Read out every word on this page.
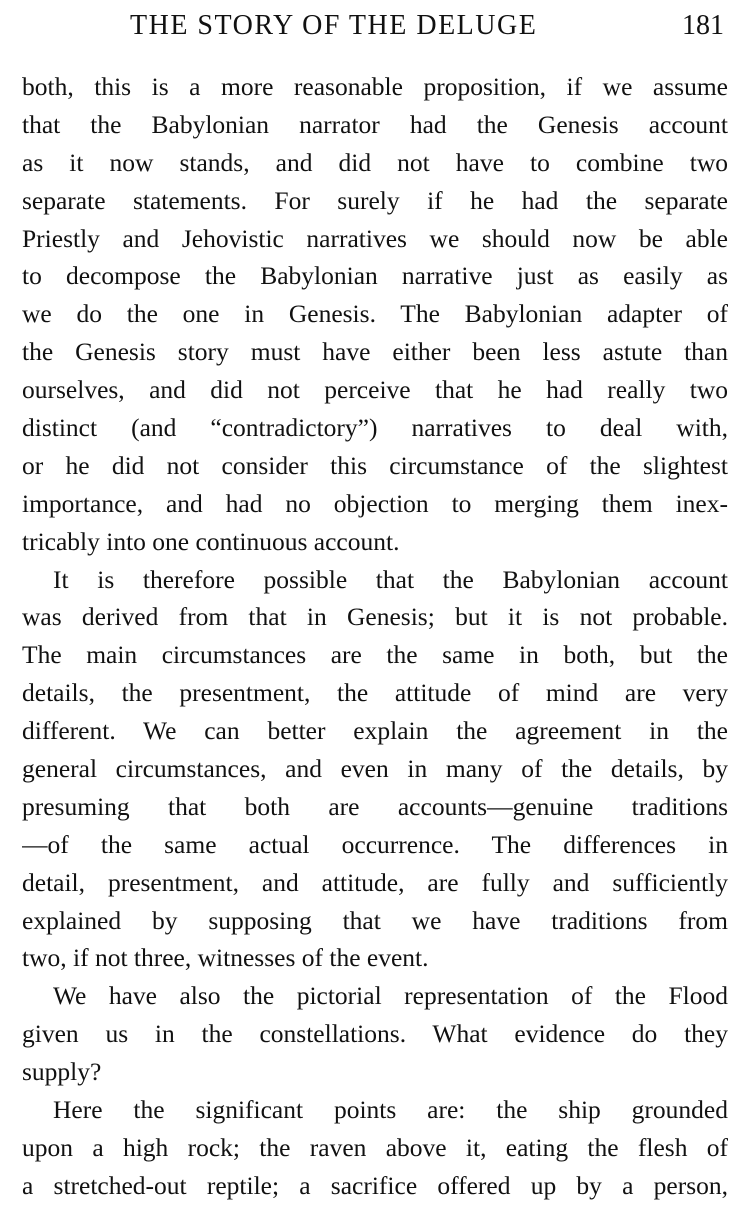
THE STORY OF THE DELUGE	181
both, this is a more reasonable proposition, if we assume
that the Babylonian narrator had the Genesis account
as it now stands, and did not have to combine two
separate statements. For surely if he had the separate
Priestly and Jehovistic narratives we should now be able
to decompose the Babylonian narrative just as easily as
we do the one in Genesis. The Babylonian adapter of
the Genesis story must have either been less astute than
ourselves, and did not perceive that he had really two
distinct (and “contradictory”) narratives to deal with,
or he did not consider this circumstance of the slightest
importance, and had no objection to merging them inex-
tricably into one continuous account.
It is therefore possible that the Babylonian account
was derived from that in Genesis; but it is not probable.
The main circumstances are the same in both, but the
details, the presentment, the attitude of mind are very
different. We can better explain the agreement in the
general circumstances, and even in many of the details, by
presuming that both are accounts—genuine traditions
—of the same actual occurrence. The differences in
detail, presentment, and attitude, are fully and sufficiently
explained by supposing that we have traditions from
two, if not three, witnesses of the event.
We have also the pictorial representation of the Flood
given us in the constellations. What evidence do they
supply?
Here the significant points are: the ship grounded
upon a high rock; the raven above it, eating the flesh of
a stretched-out reptile; a sacrifice offered up by a person,
